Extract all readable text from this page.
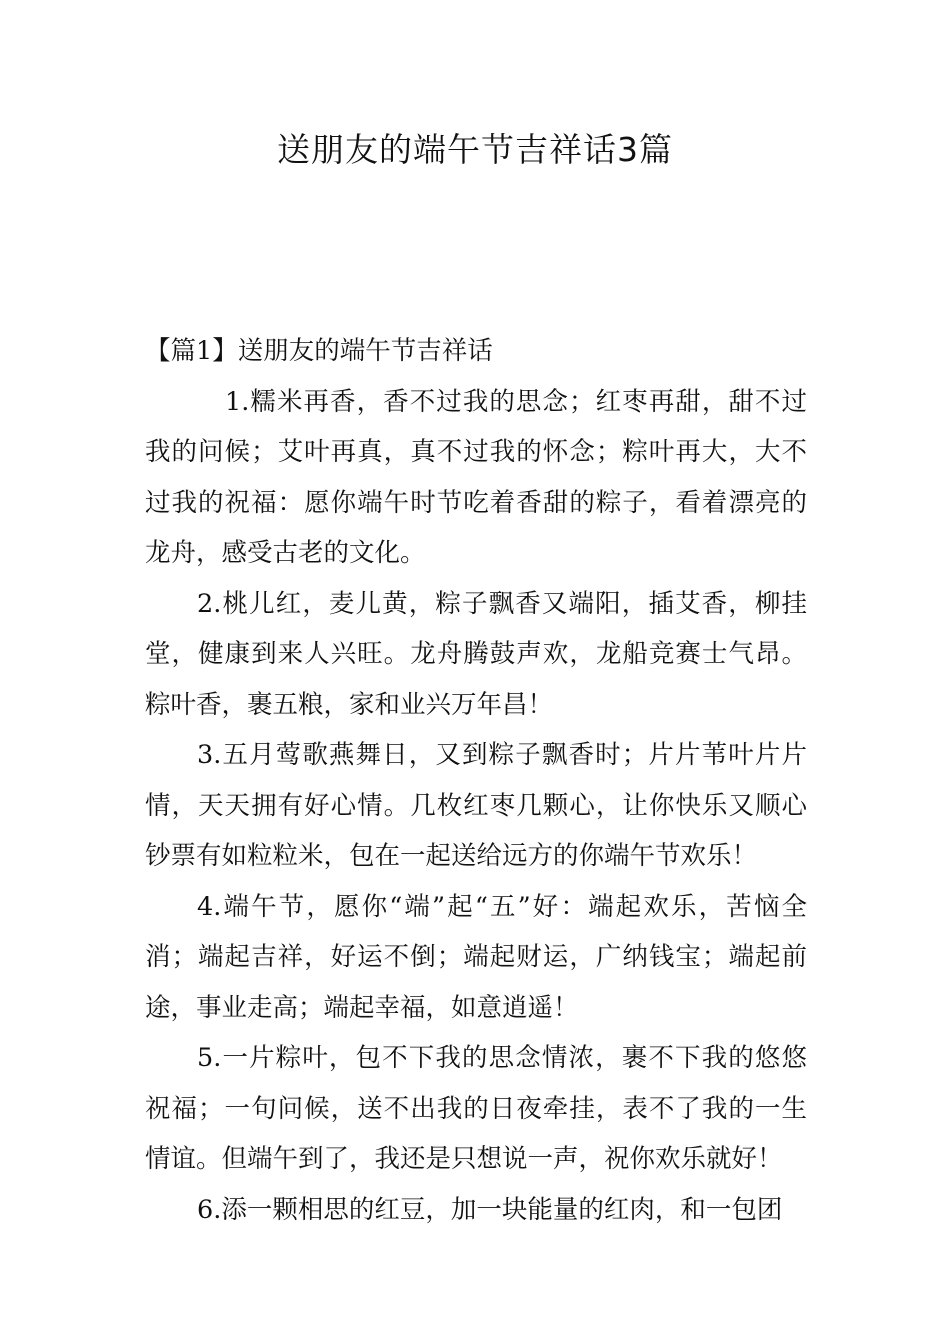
送朋友的端午节吉祥话3篇

【篇1】送朋友的端午节吉祥话

1.糯米再香，香不过我的思念；红枣再甜，甜不过我的问候；艾叶再真，真不过我的怀念；粽叶再大，大不过我的祝福：愿你端午时节吃着香甜的粽子，看着漂亮的龙舟，感受古老的文化。

2.桃儿红，麦儿黄，粽子飘香又端阳，插艾香，柳挂堂，健康到来人兴旺。龙舟腾鼓声欢，龙船竞赛士气昂。粽叶香，裹五粮，家和业兴万年昌！

3.五月莺歌燕舞日，又到粽子飘香时；片片苇叶片片情，天天拥有好心情。几枚红枣几颗心，让你快乐又顺心钞票有如粒粒米，包在一起送给远方的你端午节欢乐！

4.端午节，愿你“端”起“五”好：端起欢乐，苦恼全消；端起吉祥，好运不倒；端起财运，广纳钱宝；端起前途，事业走高；端起幸福，如意逍遥！

5.一片粽叶，包不下我的思念情浓，裹不下我的悠悠祝福；一句问候，送不出我的日夜牵挂，表不了我的一生情谊。但端午到了，我还是只想说一声，祝你欢乐就好！

6.添一颗相思的红豆，加一块能量的红肉，和一包团
